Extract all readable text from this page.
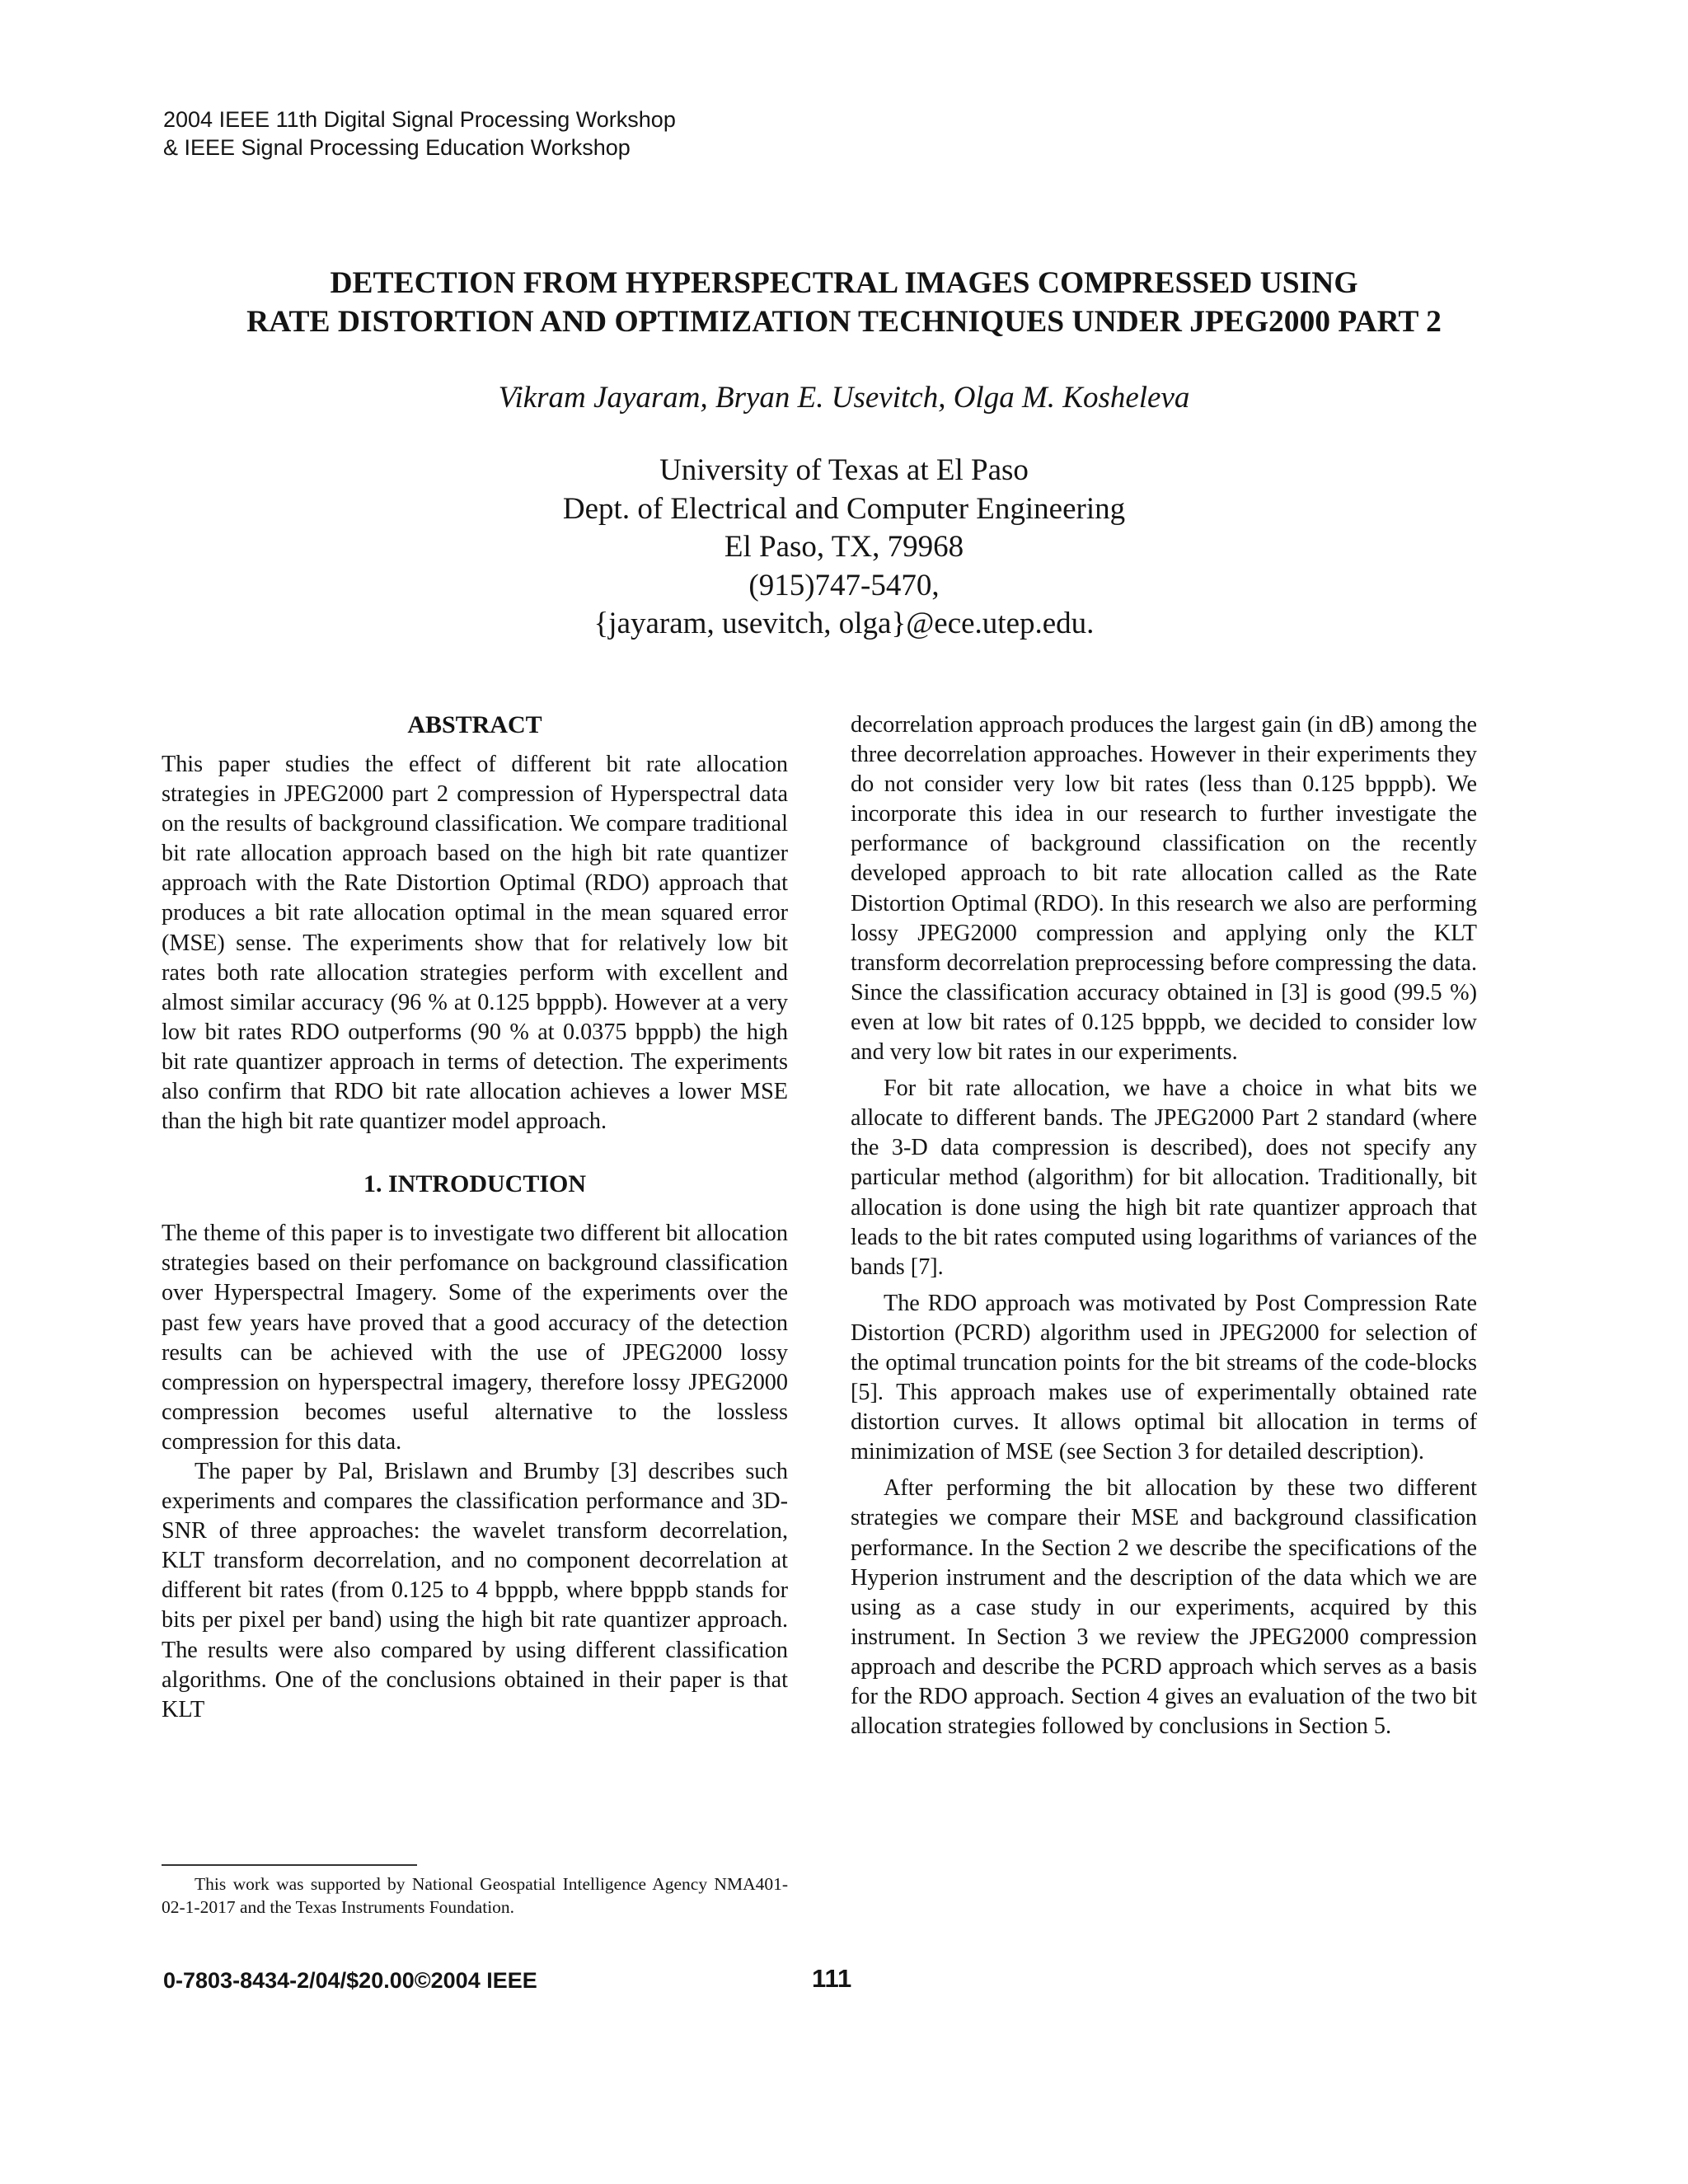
2004 IEEE 11th Digital Signal Processing Workshop
& IEEE Signal Processing Education Workshop
DETECTION FROM HYPERSPECTRAL IMAGES COMPRESSED USING
RATE DISTORTION AND OPTIMIZATION TECHNIQUES UNDER JPEG2000 PART 2
Vikram Jayaram, Bryan E. Usevitch, Olga M. Kosheleva
University of Texas at El Paso
Dept. of Electrical and Computer Engineering
El Paso, TX, 79968
(915)747-5470,
{jayaram, usevitch, olga}@ece.utep.edu.
ABSTRACT

This paper studies the effect of different bit rate allocation strategies in JPEG2000 part 2 compression of Hyperspectral data on the results of background classification. We compare traditional bit rate allocation approach based on the high bit rate quantizer approach with the Rate Distortion Optimal (RDO) approach that produces a bit rate allocation optimal in the mean squared error (MSE) sense. The experiments show that for relatively low bit rates both rate allocation strategies perform with excellent and almost similar accuracy (96 % at 0.125 bpppb). However at a very low bit rates RDO outperforms (90 % at 0.0375 bpppb) the high bit rate quantizer approach in terms of detection. The experiments also confirm that RDO bit rate allocation achieves a lower MSE than the high bit rate quantizer model approach.

1. INTRODUCTION

The theme of this paper is to investigate two different bit allocation strategies based on their perfomance on background classification over Hyperspectral Imagery. Some of the experiments over the past few years have proved that a good accuracy of the detection results can be achieved with the use of JPEG2000 lossy compression on hyperspectral imagery, therefore lossy JPEG2000 compression becomes useful alternative to the lossless compression for this data.

The paper by Pal, Brislawn and Brumby [3] describes such experiments and compares the classification performance and 3D-SNR of three approaches: the wavelet transform decorrelation, KLT transform decorrelation, and no component decorrelation at different bit rates (from 0.125 to 4 bpppb, where bpppb stands for bits per pixel per band) using the high bit rate quantizer approach. The results were also compared by using different classification algorithms. One of the conclusions obtained in their paper is that KLT

decorrelation approach produces the largest gain (in dB) among the three decorrelation approaches. However in their experiments they do not consider very low bit rates (less than 0.125 bpppb). We incorporate this idea in our research to further investigate the performance of background classification on the recently developed approach to bit rate allocation called as the Rate Distortion Optimal (RDO). In this research we also are performing lossy JPEG2000 compression and applying only the KLT transform decorrelation preprocessing before compressing the data. Since the classification accuracy obtained in [3] is good (99.5 %) even at low bit rates of 0.125 bpppb, we decided to consider low and very low bit rates in our experiments.

For bit rate allocation, we have a choice in what bits we allocate to different bands. The JPEG2000 Part 2 standard (where the 3-D data compression is described), does not specify any particular method (algorithm) for bit allocation. Traditionally, bit allocation is done using the high bit rate quantizer approach that leads to the bit rates computed using logarithms of variances of the bands [7].

The RDO approach was motivated by Post Compression Rate Distortion (PCRD) algorithm used in JPEG2000 for selection of the optimal truncation points for the bit streams of the code-blocks [5]. This approach makes use of experimentally obtained rate distortion curves. It allows optimal bit allocation in terms of minimization of MSE (see Section 3 for detailed description).

After performing the bit allocation by these two different strategies we compare their MSE and background classification performance. In the Section 2 we describe the specifications of the Hyperion instrument and the description of the data which we are using as a case study in our experiments, acquired by this instrument. In Section 3 we review the JPEG2000 compression approach and describe the PCRD approach which serves as a basis for the RDO approach. Section 4 gives an evaluation of the two bit allocation strategies followed by conclusions in Section 5.

This work was supported by National Geospatial Intelligence Agency NMA401-02-1-2017 and the Texas Instruments Foundation.
0-7803-8434-2/04/$20.00©2004 IEEE	111
